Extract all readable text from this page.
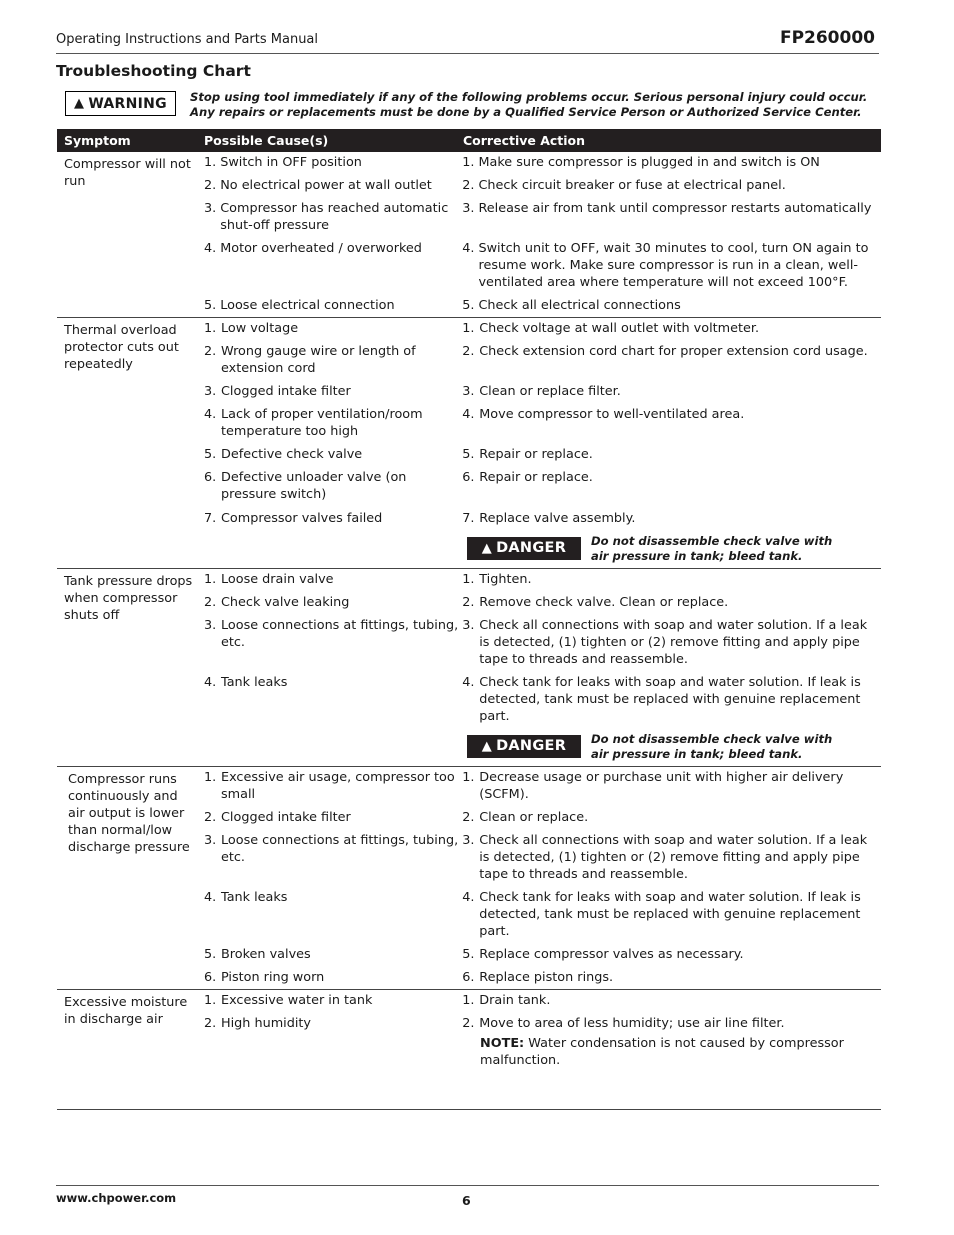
Operating Instructions and Parts Manual	FP260000
Troubleshooting Chart
▲ WARNING Stop using tool immediately if any of the following problems occur. Serious personal injury could occur.
Any repairs or replacements must be done by a Qualified Service Person or Authorized Service Center.
Symptom	Possible Cause(s)	Corrective Action
Compressor will not run
1. Switch in OFF position	1. Make sure compressor is plugged in and switch is ON
2. No electrical power at wall outlet	2. Check circuit breaker or fuse at electrical panel.
3. Compressor has reached automatic shut-off pressure
3. Release air from tank until compressor restarts automatically
4. Motor overheated / overworked	4. Switch unit to OFF, wait 30 minutes to cool, turn ON again to resume work. Make sure compressor is run in a clean, well-ventilated area where temperature will not exceed 100°F.
5. Loose electrical connection	5. Check all electrical connections
Thermal overload protector cuts out repeatedly
1. Low voltage	1. Check voltage at wall outlet with voltmeter.
2. Wrong gauge wire or length of extension cord
2. Check extension cord chart for proper extension cord usage.
3. Clogged intake filter	3. Clean or replace filter.
4. Lack of proper ventilation/room temperature too high
4. Move compressor to well-ventilated area.
5. Defective check valve	5. Repair or replace.
6. Defective unloader valve (on pressure switch)
6. Repair or replace.
7. Compressor valves failed	7. Replace valve assembly.
▲ DANGER Do not disassemble check valve with
air pressure in tank; bleed tank.
Tank pressure drops when compressor shuts off
1. Loose drain valve	1. Tighten.
2. Check valve leaking	2. Remove check valve. Clean or replace.
3. Loose connections at fittings, tubing, etc.
3. Check all connections with soap and water solution. If a leak is detected, (1) tighten or (2) remove fitting and apply pipe tape to threads and reassemble.
4. Tank leaks	4. Check tank for leaks with soap and water solution. If leak is detected, tank must be replaced with genuine replacement part.
▲ DANGER Do not disassemble check valve with
air pressure in tank; bleed tank.
Compressor runs continuously and air output is lower than normal/low discharge pressure
1. Excessive air usage, compressor too small
1. Decrease usage or purchase unit with higher air delivery (SCFM).
2. Clogged intake filter	2. Clean or replace.
3. Loose connections at fittings, tubing, etc.
3. Check all connections with soap and water solution. If a leak is detected, (1) tighten or (2) remove fitting and apply pipe tape to threads and reassemble.
4. Tank leaks	4. Check tank for leaks with soap and water solution. If leak is detected, tank must be replaced with genuine replacement part.
5. Broken valves	5. Replace compressor valves as necessary.
6. Piston ring worn	6. Replace piston rings.
Excessive moisture in discharge air
1. Excessive water in tank	1. Drain tank.
2. High humidity	2. Move to area of less humidity; use air line filter.
NOTE: Water condensation is not caused by compressor malfunction.
www.chpower.com	6
